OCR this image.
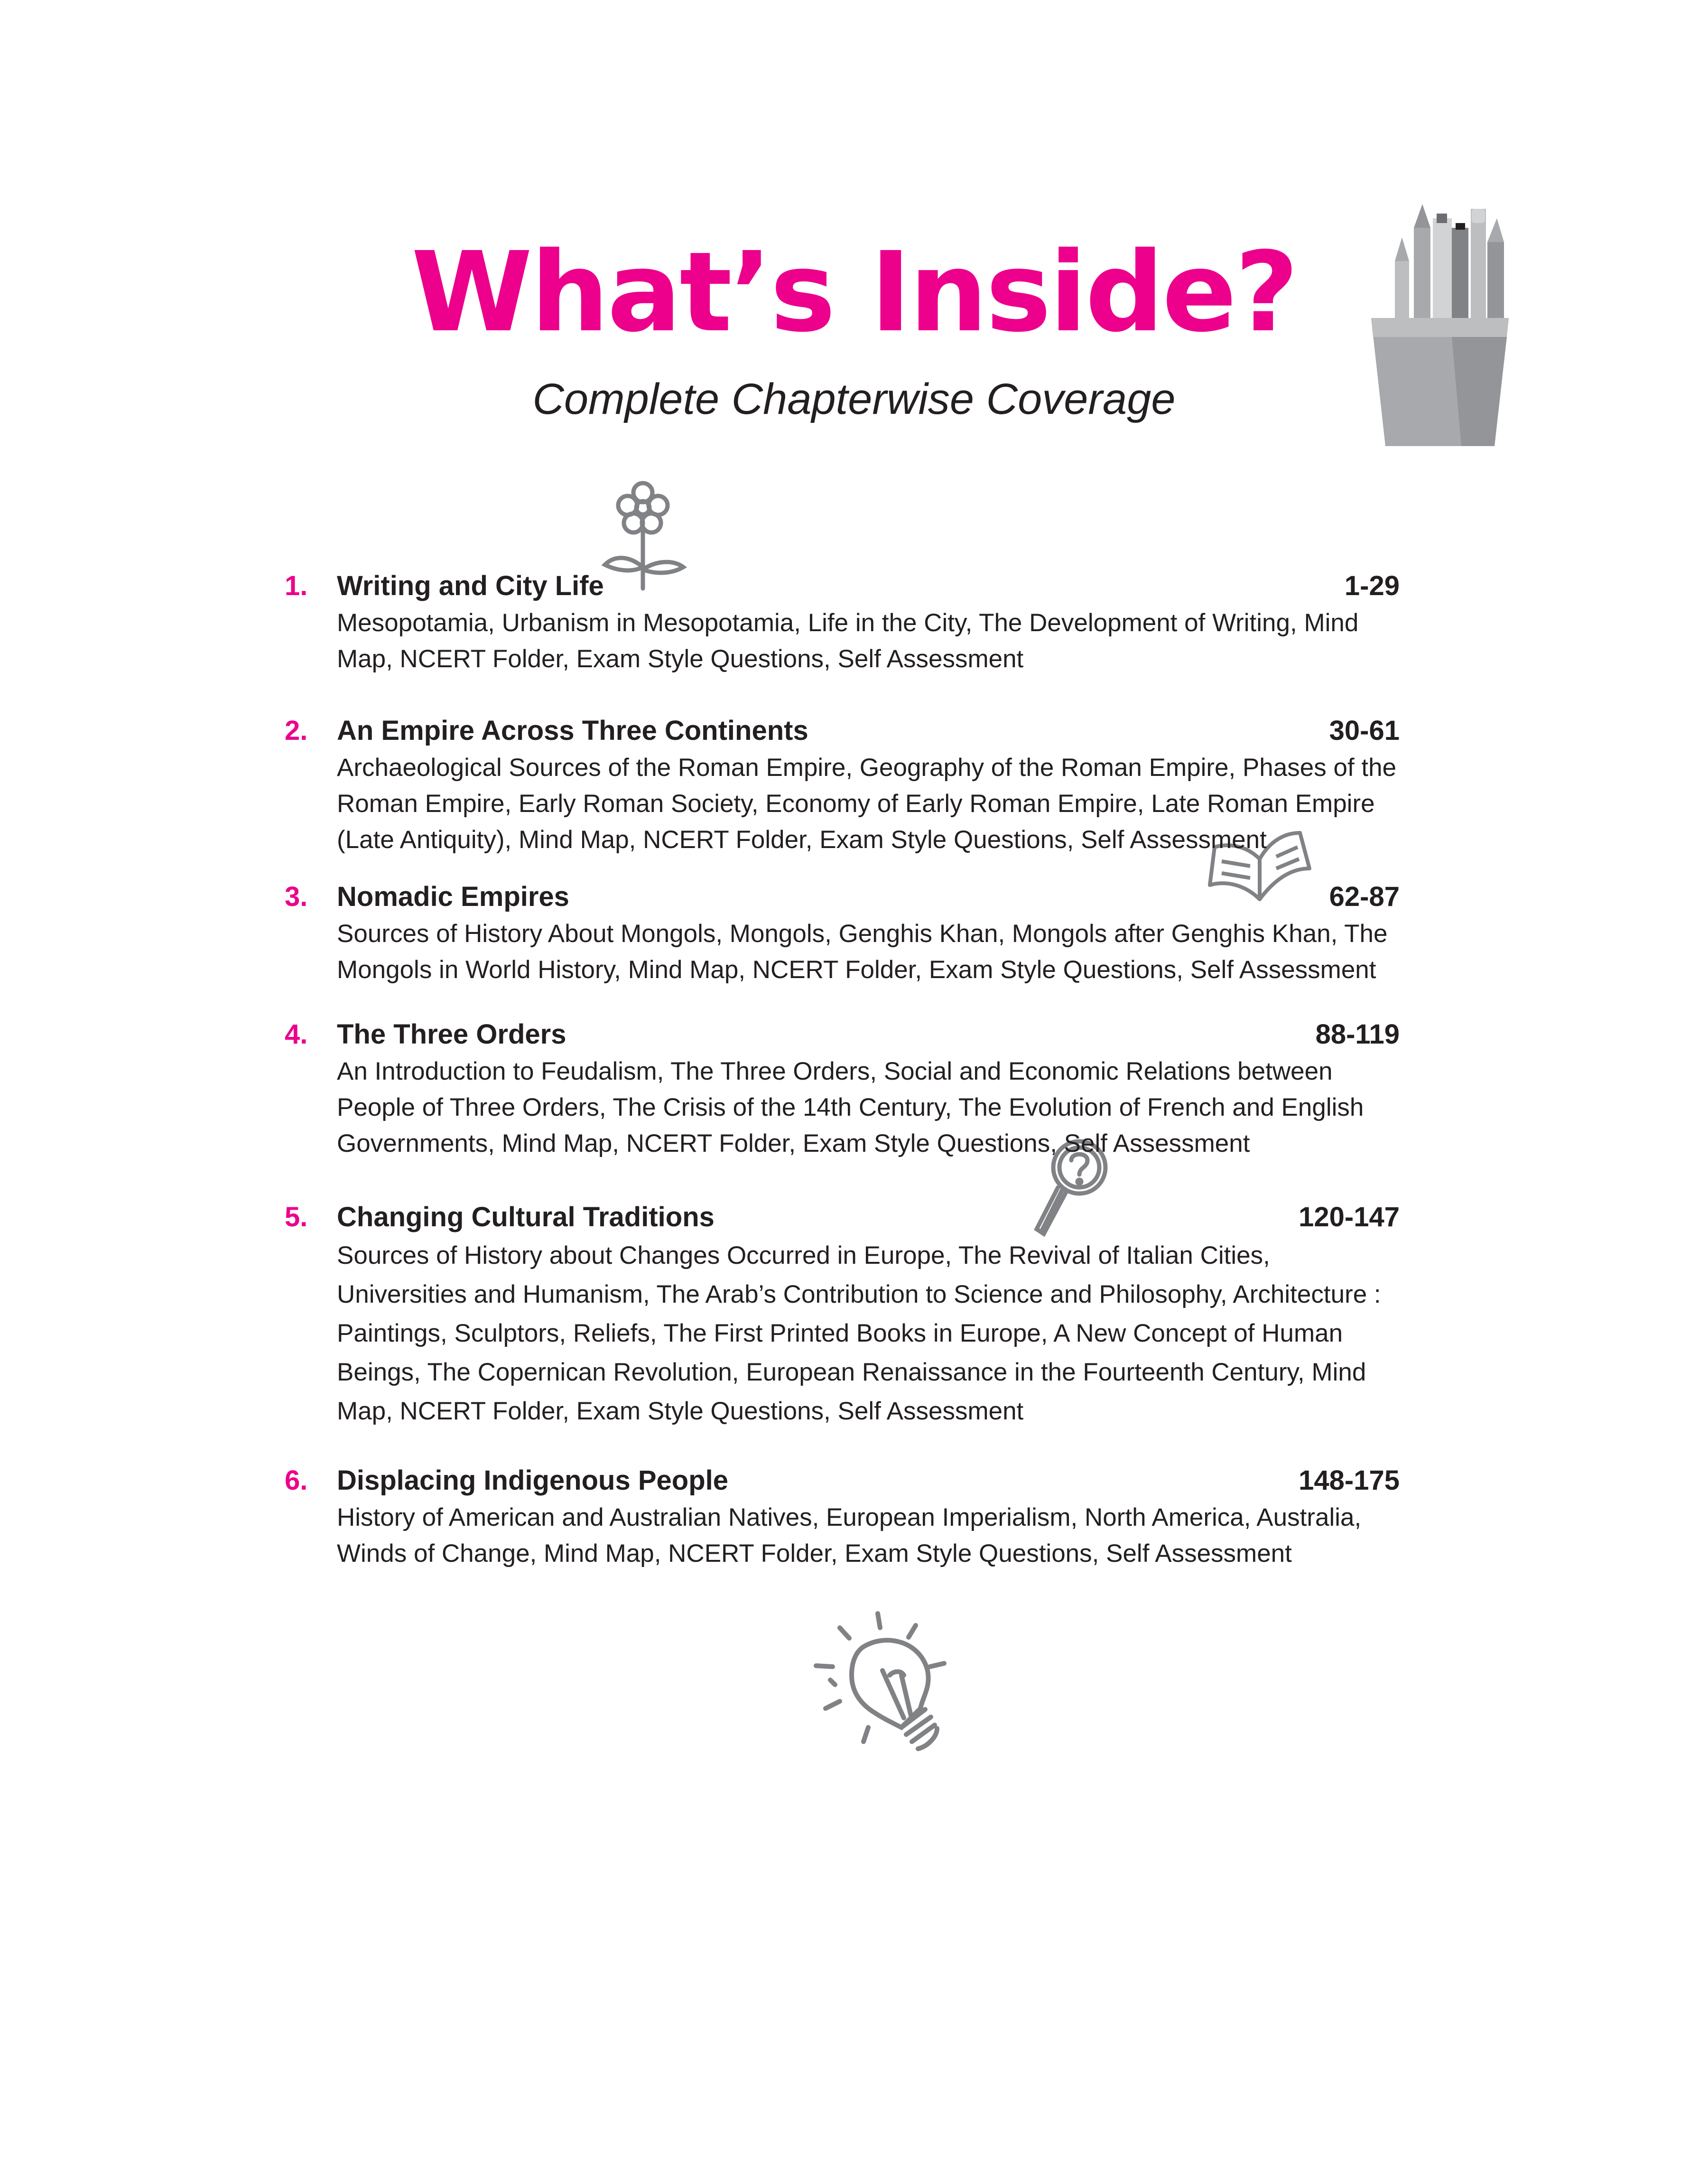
What’s Inside?

Complete Chapterwise Coverage

1. Writing and City Life	1-29

Mesopotamia, Urbanism in Mesopotamia, Life in the City, The Development of Writing, Mind Map, NCERT Folder, Exam Style Questions, Self Assessment

2. An Empire Across Three Continents	30-61

Archaeological Sources of the Roman Empire, Geography of the Roman Empire, Phases of the Roman Empire, Early Roman Society, Economy of Early Roman Empire, Late Roman Empire (Late Antiquity), Mind Map, NCERT Folder, Exam Style Questions, Self Assessment

3. Nomadic Empires	62-87

Sources of History About Mongols, Mongols, Genghis Khan, Mongols after Genghis Khan, The Mongols in World History, Mind Map, NCERT Folder, Exam Style Questions, Self Assessment

4. The Three Orders	88-119

An Introduction to Feudalism, The Three Orders, Social and Economic Relations between People of Three Orders, The Crisis of the 14th Century, The Evolution of French and English Governments, Mind Map, NCERT Folder, Exam Style Questions, Self Assessment

5. Changing Cultural Traditions	120-147

Sources of History about Changes Occurred in Europe, The Revival of Italian Cities, Universities and Humanism, The Arab’s Contribution to Science and Philosophy, Architecture : Paintings, Sculptors, Reliefs, The First Printed Books in Europe, A New Concept of Human Beings, The Copernican Revolution, European Renaissance in the Fourteenth Century, Mind Map, NCERT Folder, Exam Style Questions, Self Assessment

6. Displacing Indigenous People	148-175

History of American and Australian Natives, European Imperialism, North America, Australia, Winds of Change, Mind Map, NCERT Folder, Exam Style Questions, Self Assessment
